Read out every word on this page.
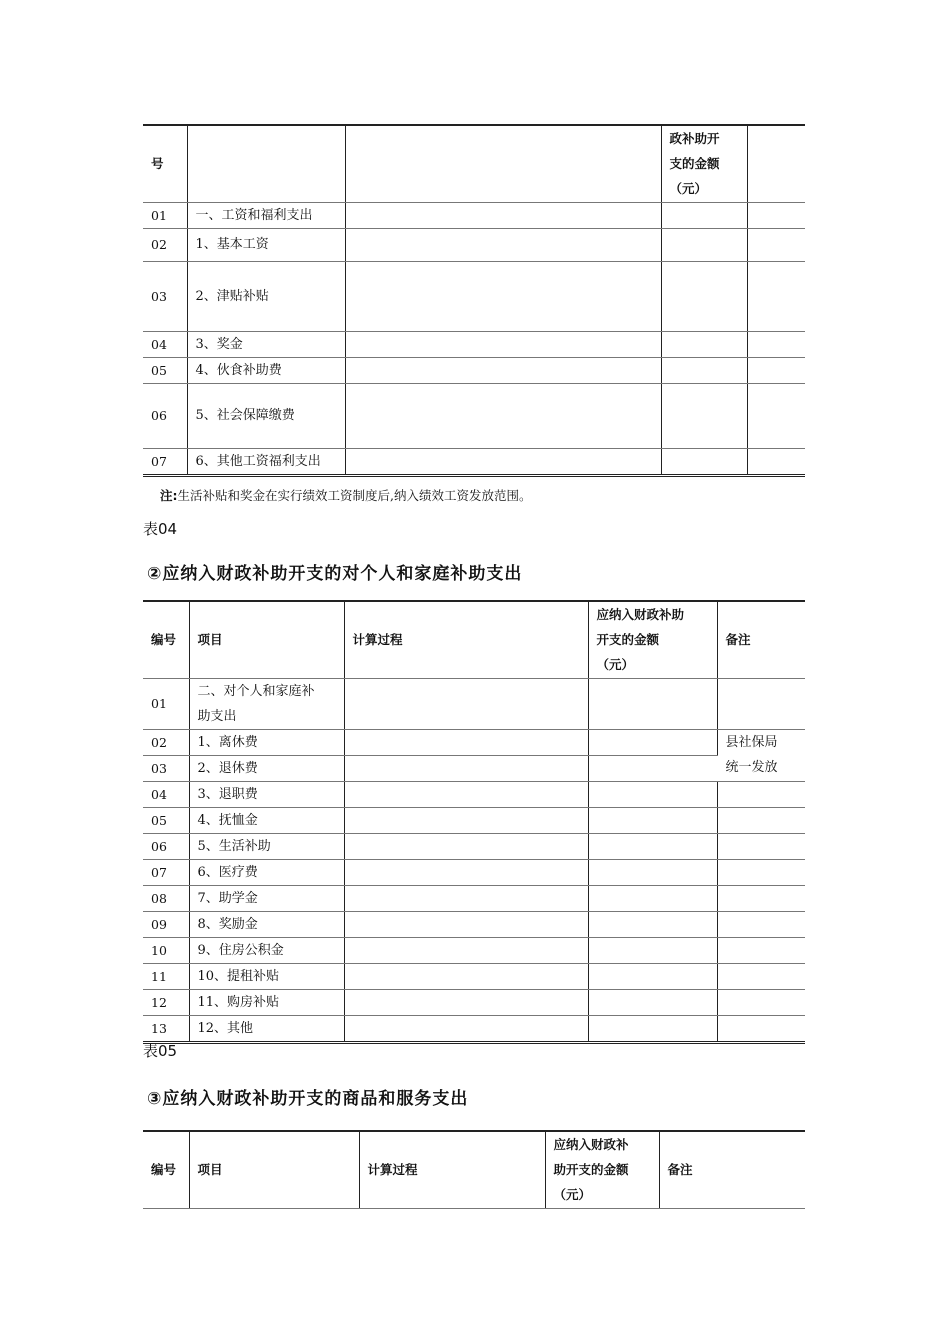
号			政补助开
支的金额
（元）	
01	一、工资和福利支出			
02	1、基本工资			
03	2、津贴补贴			
04	3、奖金			
05	4、伙食补助费			
06	5、社会保障缴费			
07	6、其他工资福利支出			
注:生活补贴和奖金在实行绩效工资制度后,纳入绩效工资发放范围。
表04
②应纳入财政补助开支的对个人和家庭补助支出
编号	项目	计算过程	应纳入财政补助
开支的金额
（元）	备注
01	二、对个人和家庭补
助支出			
02	1、离休费			县社保局
统一发放
03	2、退休费			
04	3、退职费			
05	4、抚恤金			
06	5、生活补助			
07	6、医疗费			
08	7、助学金			
09	8、奖励金			
10	9、住房公积金			
11	10、提租补贴			
12	11、购房补贴			
13	12、其他			
表05
③应纳入财政补助开支的商品和服务支出
编号	项目	计算过程	应纳入财政补
助开支的金额
（元）	备注
